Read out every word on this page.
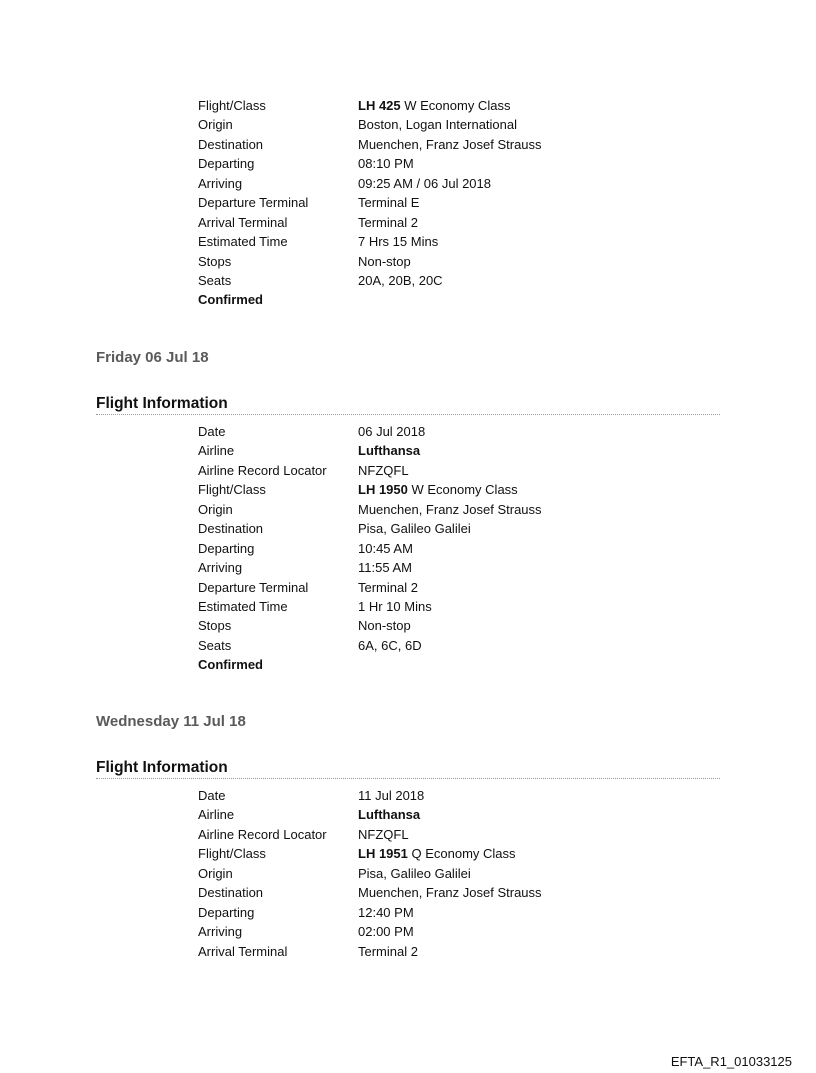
Flight/Class	LH 425 W Economy Class
Origin	Boston, Logan International
Destination	Muenchen, Franz Josef Strauss
Departing	08:10 PM
Arriving	09:25 AM / 06 Jul 2018
Departure Terminal	Terminal E
Arrival Terminal	Terminal 2
Estimated Time	7 Hrs 15 Mins
Stops	Non-stop
Seats	20A, 20B, 20C
Confirmed
Friday 06 Jul 18
Flight Information
Date	06 Jul 2018
Airline	Lufthansa
Airline Record Locator	NFZQFL
Flight/Class	LH 1950 W Economy Class
Origin	Muenchen, Franz Josef Strauss
Destination	Pisa, Galileo Galilei
Departing	10:45 AM
Arriving	11:55 AM
Departure Terminal	Terminal 2
Estimated Time	1 Hr 10 Mins
Stops	Non-stop
Seats	6A, 6C, 6D
Confirmed
Wednesday 11 Jul 18
Flight Information
Date	11 Jul 2018
Airline	Lufthansa
Airline Record Locator	NFZQFL
Flight/Class	LH 1951 Q Economy Class
Origin	Pisa, Galileo Galilei
Destination	Muenchen, Franz Josef Strauss
Departing	12:40 PM
Arriving	02:00 PM
Arrival Terminal	Terminal 2
EFTA_R1_01033125
